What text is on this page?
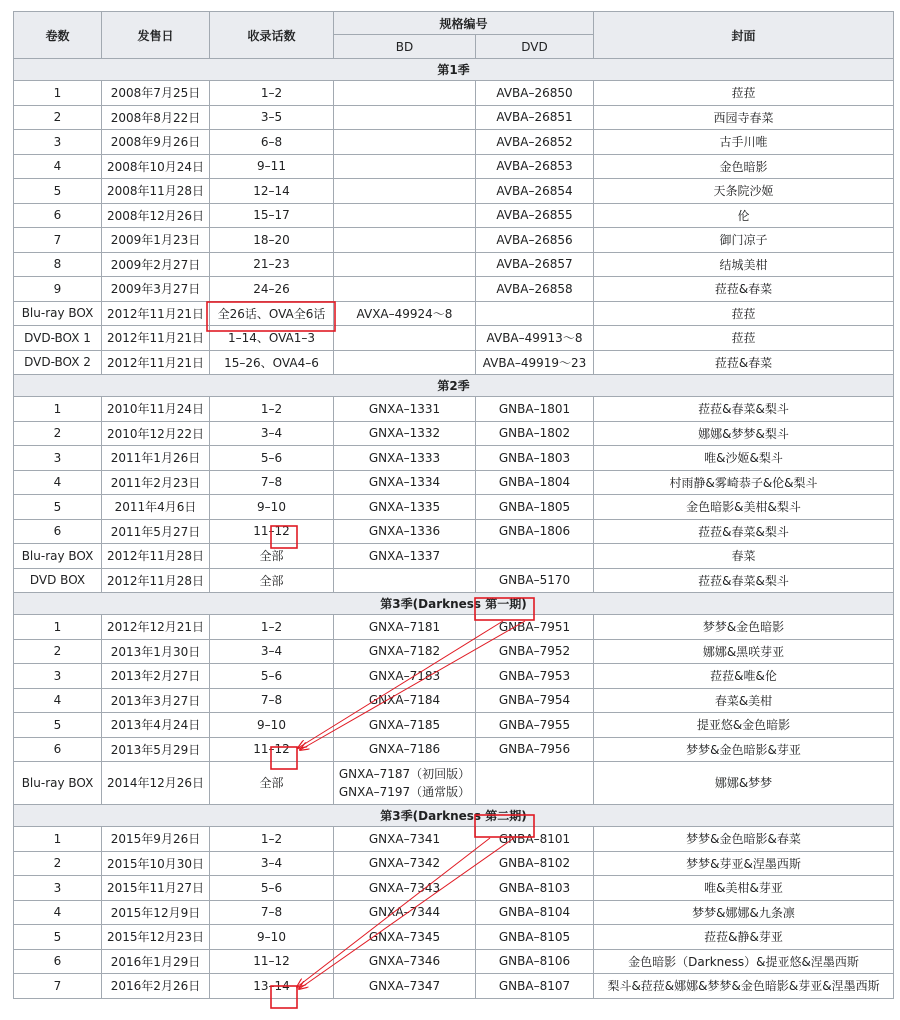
卷数	发售日	收录话数	规格编号		封面
			BD	DVD	
第1季					
1	2008年7月25日	1–2		AVBA–26850	菈菈
2	2008年8月22日	3–5		AVBA–26851	西园寺春菜
3	2008年9月26日	6–8		AVBA–26852	古手川唯
4	2008年10月24日	9–11		AVBA–26853	金色暗影
5	2008年11月28日	12–14		AVBA–26854	天条院沙姬
6	2008年12月26日	15–17		AVBA–26855	伦
7	2009年1月23日	18–20		AVBA–26856	御门凉子
8	2009年2月27日	21–23		AVBA–26857	结城美柑
9	2009年3月27日	24–26		AVBA–26858	菈菈&春菜
Blu-ray BOX	2012年11月21日	全26话、OVA全6话	AVXA–49924～8		菈菈
DVD-BOX 1	2012年11月21日	1–14、OVA1–3		AVBA–49913～8	菈菈
DVD-BOX 2	2012年11月21日	15–26、OVA4–6		AVBA–49919～23	菈菈&春菜
第2季					
1	2010年11月24日	1–2	GNXA–1331	GNBA–1801	菈菈&春菜&梨斗
2	2010年12月22日	3–4	GNXA–1332	GNBA–1802	娜娜&梦梦&梨斗
3	2011年1月26日	5–6	GNXA–1333	GNBA–1803	唯&沙姬&梨斗
4	2011年2月23日	7–8	GNXA–1334	GNBA–1804	村雨静&雾崎恭子&伦&梨斗
5	2011年4月6日	9–10	GNXA–1335	GNBA–1805	金色暗影&美柑&梨斗
6	2011年5月27日	11–12	GNXA–1336	GNBA–1806	菈菈&春菜&梨斗
Blu-ray BOX	2012年11月28日	全部	GNXA–1337		春菜
DVD BOX	2012年11月28日	全部		GNBA–5170	菈菈&春菜&梨斗
第3季(Darkness 第一期)					
1	2012年12月21日	1–2	GNXA–7181	GNBA–7951	梦梦&金色暗影
2	2013年1月30日	3–4	GNXA–7182	GNBA–7952	娜娜&黑咲芽亚
3	2013年2月27日	5–6	GNXA–7183	GNBA–7953	菈菈&唯&伦
4	2013年3月27日	7–8	GNXA–7184	GNBA–7954	春菜&美柑
5	2013年4月24日	9–10	GNXA–7185	GNBA–7955	提亚悠&金色暗影
6	2013年5月29日	11–12	GNXA–7186	GNBA–7956	梦梦&金色暗影&芽亚
Blu-ray BOX	2014年12月26日	全部	GNXA–7187（初回版）
GNXA–7197（通常版）		娜娜&梦梦
第3季(Darkness 第二期)					
1	2015年9月26日	1–2	GNXA–7341	GNBA–8101	梦梦&金色暗影&春菜
2	2015年10月30日	3–4	GNXA–7342	GNBA–8102	梦梦&芽亚&涅墨西斯
3	2015年11月27日	5–6	GNXA–7343	GNBA–8103	唯&美柑&芽亚
4	2015年12月9日	7–8	GNXA–7344	GNBA–8104	梦梦&娜娜&九条凛
5	2015年12月23日	9–10	GNXA–7345	GNBA–8105	菈菈&静&芽亚
6	2016年1月29日	11–12	GNXA–7346	GNBA–8106	金色暗影（Darkness）&提亚悠&涅墨西斯
7	2016年2月26日	13–14	GNXA–7347	GNBA–8107	梨斗&菈菈&娜娜&梦梦&金色暗影&芽亚&涅墨西斯
